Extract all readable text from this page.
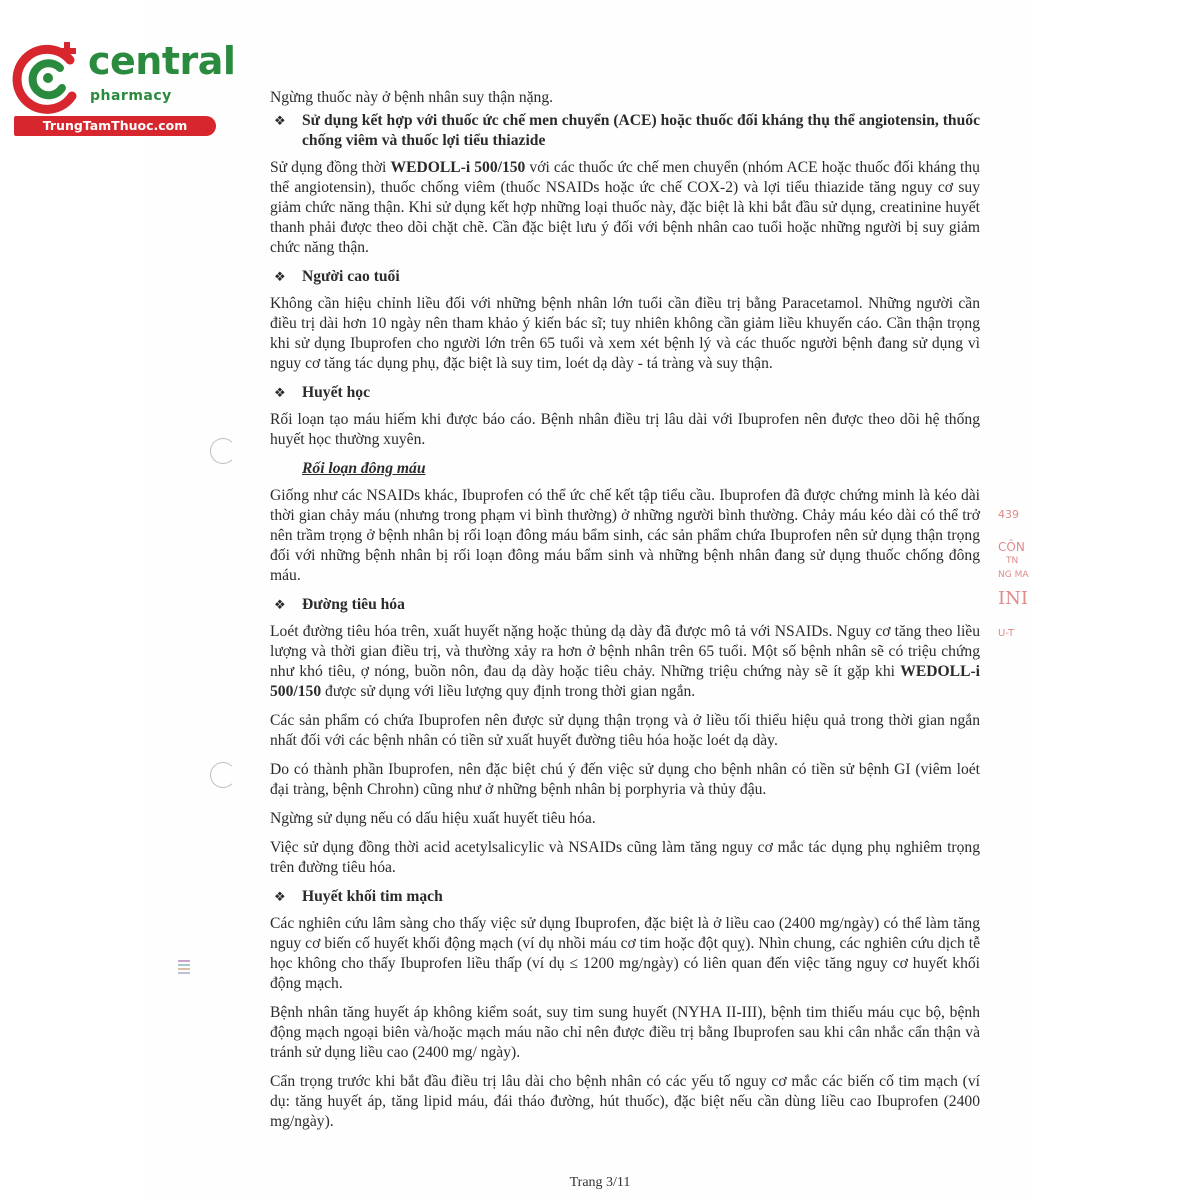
central
pharmacy
TrungTamThuoc.com
439
CÔN
TN
NG MA
INI
U-T

Ngừng thuốc này ở bệnh nhân suy thận nặng.

❖	Sử dụng kết hợp với thuốc ức chế men chuyển (ACE) hoặc thuốc đối kháng thụ thể angiotensin, thuốc chống viêm và thuốc lợi tiểu thiazide

Sử dụng đồng thời WEDOLL-i 500/150 với các thuốc ức chế men chuyển (nhóm ACE hoặc thuốc đối kháng thụ thể angiotensin), thuốc chống viêm (thuốc NSAIDs hoặc ức chế COX-2) và lợi tiểu thiazide tăng nguy cơ suy giảm chức năng thận. Khi sử dụng kết hợp những loại thuốc này, đặc biệt là khi bắt đầu sử dụng, creatinine huyết thanh phải được theo dõi chặt chẽ. Cần đặc biệt lưu ý đối với bệnh nhân cao tuổi hoặc những người bị suy giảm chức năng thận.

❖	Người cao tuổi

Không cần hiệu chỉnh liều đối với những bệnh nhân lớn tuổi cần điều trị bằng Paracetamol. Những người cần điều trị dài hơn 10 ngày nên tham khảo ý kiến bác sĩ; tuy nhiên không cần giảm liều khuyến cáo. Cần thận trọng khi sử dụng Ibuprofen cho người lớn trên 65 tuổi và xem xét bệnh lý và các thuốc người bệnh đang sử dụng vì nguy cơ tăng tác dụng phụ, đặc biệt là suy tim, loét dạ dày - tá tràng và suy thận.

❖	Huyết học

Rối loạn tạo máu hiếm khi được báo cáo. Bệnh nhân điều trị lâu dài với Ibuprofen nên được theo dõi hệ thống huyết học thường xuyên.

Rối loạn đông máu

Giống như các NSAIDs khác, Ibuprofen có thể ức chế kết tập tiểu cầu. Ibuprofen đã được chứng minh là kéo dài thời gian chảy máu (nhưng trong phạm vi bình thường) ở những người bình thường. Chảy máu kéo dài có thể trở nên trầm trọng ở bệnh nhân bị rối loạn đông máu bẩm sinh, các sản phẩm chứa Ibuprofen nên sử dụng thận trọng đối với những bệnh nhân bị rối loạn đông máu bẩm sinh và những bệnh nhân đang sử dụng thuốc chống đông máu.

❖	Đường tiêu hóa

Loét đường tiêu hóa trên, xuất huyết nặng hoặc thủng dạ dày đã được mô tả với NSAIDs. Nguy cơ tăng theo liều lượng và thời gian điều trị, và thường xảy ra hơn ở bệnh nhân trên 65 tuổi. Một số bệnh nhân sẽ có triệu chứng như khó tiêu, ợ nóng, buồn nôn, đau dạ dày hoặc tiêu chảy. Những triệu chứng này sẽ ít gặp khi WEDOLL-i 500/150 được sử dụng với liều lượng quy định trong thời gian ngắn.

Các sản phẩm có chứa Ibuprofen nên được sử dụng thận trọng và ở liều tối thiểu hiệu quả trong thời gian ngắn nhất đối với các bệnh nhân có tiền sử xuất huyết đường tiêu hóa hoặc loét dạ dày.

Do có thành phần Ibuprofen, nên đặc biệt chú ý đến việc sử dụng cho bệnh nhân có tiền sử bệnh GI (viêm loét đại tràng, bệnh Chrohn) cũng như ở những bệnh nhân bị porphyria và thủy đậu.

Ngừng sử dụng nếu có dấu hiệu xuất huyết tiêu hóa.

Việc sử dụng đồng thời acid acetylsalicylic và NSAIDs cũng làm tăng nguy cơ mắc tác dụng phụ nghiêm trọng trên đường tiêu hóa.

❖	Huyết khối tim mạch

Các nghiên cứu lâm sàng cho thấy việc sử dụng Ibuprofen, đặc biệt là ở liều cao (2400 mg/ngày) có thể làm tăng nguy cơ biến cố huyết khối động mạch (ví dụ nhồi máu cơ tim hoặc đột quỵ). Nhìn chung, các nghiên cứu dịch tễ học không cho thấy Ibuprofen liều thấp (ví dụ ≤ 1200 mg/ngày) có liên quan đến việc tăng nguy cơ huyết khối động mạch.

Bệnh nhân tăng huyết áp không kiểm soát, suy tim sung huyết (NYHA II-III), bệnh tim thiếu máu cục bộ, bệnh động mạch ngoại biên và/hoặc mạch máu não chỉ nên được điều trị bằng Ibuprofen sau khi cân nhắc cẩn thận và tránh sử dụng liều cao (2400 mg/ ngày).

Cẩn trọng trước khi bắt đầu điều trị lâu dài cho bệnh nhân có các yếu tố nguy cơ mắc các biến cố tim mạch (ví dụ: tăng huyết áp, tăng lipid máu, đái tháo đường, hút thuốc), đặc biệt nếu cần dùng liều cao Ibuprofen (2400 mg/ngày).

Trang 3/11
